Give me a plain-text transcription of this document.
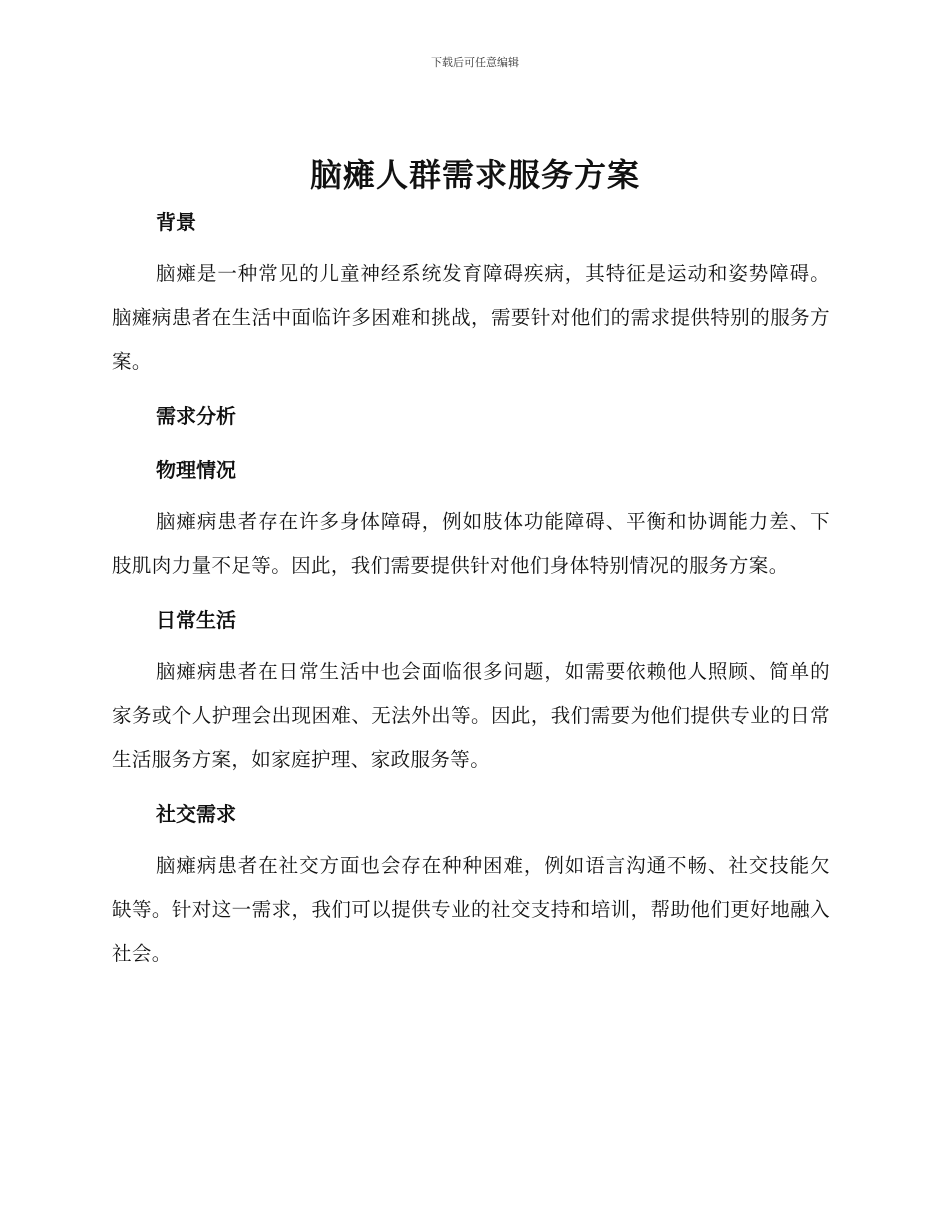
下载后可任意编辑
脑瘫人群需求服务方案
背景

脑瘫是一种常见的儿童神经系统发育障碍疾病，其特征是运动和姿势障碍。脑瘫病患者在生活中面临许多困难和挑战，需要针对他们的需求提供特别的服务方案。

需求分析
物理情况

脑瘫病患者存在许多身体障碍，例如肢体功能障碍、平衡和协调能力差、下肢肌肉力量不足等。因此，我们需要提供针对他们身体特别情况的服务方案。

日常生活

脑瘫病患者在日常生活中也会面临很多问题，如需要依赖他人照顾、简单的家务或个人护理会出现困难、无法外出等。因此，我们需要为他们提供专业的日常生活服务方案，如家庭护理、家政服务等。

社交需求

脑瘫病患者在社交方面也会存在种种困难，例如语言沟通不畅、社交技能欠缺等。针对这一需求，我们可以提供专业的社交支持和培训，帮助他们更好地融入社会。
